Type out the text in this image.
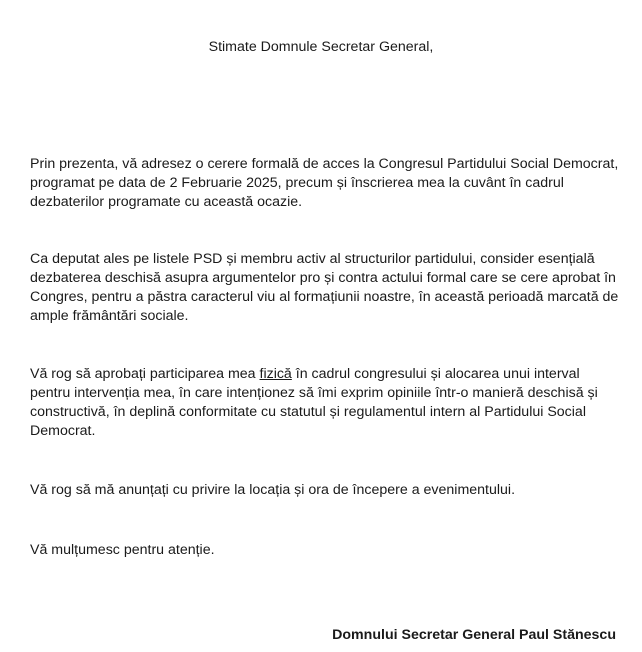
Stimate Domnule Secretar General,

Prin prezenta, vă adresez o cerere formală de acces la Congresul Partidului Social Democrat, programat pe data de 2 Februarie 2025, precum și înscrierea mea la cuvânt în cadrul dezbaterilor programate cu această ocazie.

Ca deputat ales pe listele PSD și membru activ al structurilor partidului, consider esențială dezbaterea deschisă asupra argumentelor pro și contra actului formal care se cere aprobat în Congres, pentru a păstra caracterul viu al formațiunii noastre, în această perioadă marcată de ample frământări sociale.

Vă rog să aprobați participarea mea fizică în cadrul congresului și alocarea unui interval pentru intervenția mea, în care intenționez să îmi exprim opiniile într-o manieră deschisă și constructivă, în deplină conformitate cu statutul și regulamentul intern al Partidului Social Democrat.

Vă rog să mă anunțați cu privire la locația și ora de începere a evenimentului.

Vă mulțumesc pentru atenție.

Domnului Secretar General Paul Stănescu
